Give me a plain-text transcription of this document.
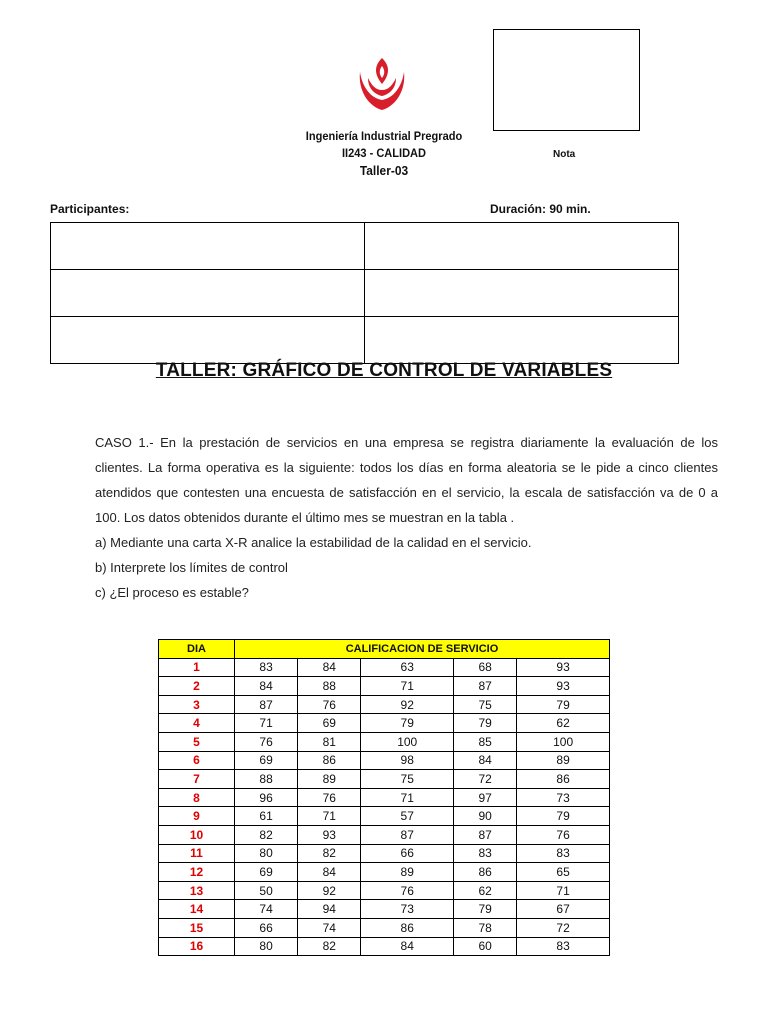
Ingeniería Industrial Pregrado
II243 - CALIDAD
Taller-03
Nota
Participantes:	Duración: 90 min.

TALLER: GRÁFICO DE CONTROL DE VARIABLES

CASO 1.- En la prestación de servicios en una empresa se registra diariamente la evaluación de los clientes. La forma operativa es la siguiente: todos los días en forma aleatoria se le pide a cinco clientes atendidos que contesten una encuesta de satisfacción en el servicio, la escala de satisfacción va de 0 a 100. Los datos obtenidos durante el último mes se muestran en la tabla .

a) Mediante una carta X-R analice la estabilidad de la calidad en el servicio.

b) Interprete los límites de control

c) ¿El proceso es estable?

DIA	CALIFICACION DE SERVICIO				
1	83	84	63	68	93
2	84	88	71	87	93
3	87	76	92	75	79
4	71	69	79	79	62
5	76	81	100	85	100
6	69	86	98	84	89
7	88	89	75	72	86
8	96	76	71	97	73
9	61	71	57	90	79
10	82	93	87	87	76
11	80	82	66	83	83
12	69	84	89	86	65
13	50	92	76	62	71
14	74	94	73	79	67
15	66	74	86	78	72
16	80	82	84	60	83
